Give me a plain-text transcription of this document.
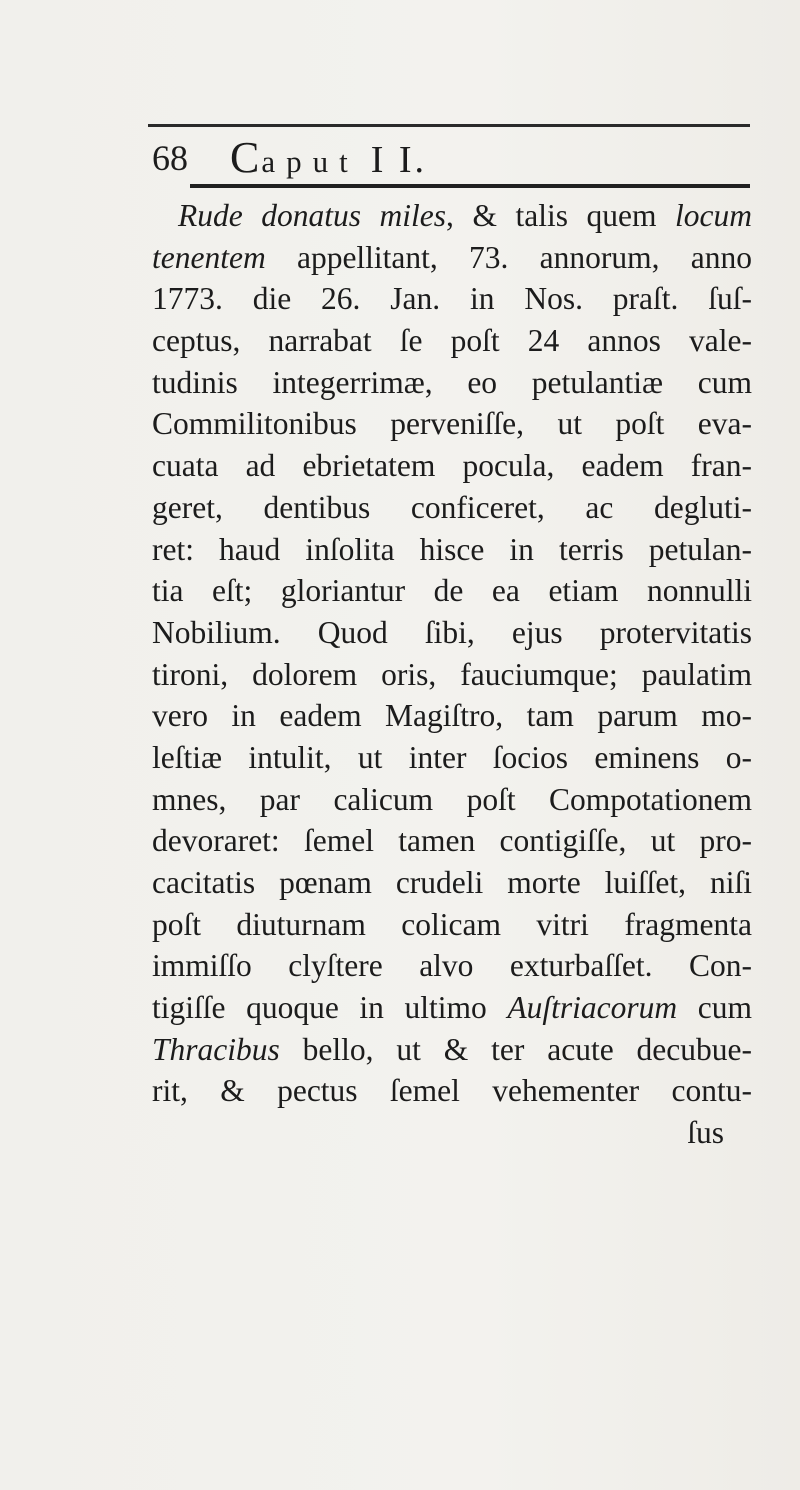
68 Caput I I.
Rude donatus miles, & talis quem locum
tenentem appellitant, 73. annorum, anno
1773. die 26. Jan. in Nos. praſt. ſuſ-
ceptus, narrabat ſe poſt 24 annos vale-
tudinis integerrimæ, eo petulantiæ cum
Commilitonibus perveniſſe, ut poſt eva-
cuata ad ebrietatem pocula, eadem fran-
geret, dentibus conficeret, ac degluti-
ret: haud inſolita hisce in terris petulan-
tia eſt; gloriantur de ea etiam nonnulli
Nobilium. Quod ſibi, ejus protervitatis
tironi, dolorem oris, fauciumque; paulatim
vero in eadem Magiſtro, tam parum mo-
leſtiæ intulit, ut inter ſocios eminens o-
mnes, par calicum poſt Compotationem
devoraret: ſemel tamen contigiſſe, ut pro-
cacitatis pœnam crudeli morte luiſſet, niſi
poſt diuturnam colicam vitri fragmenta
immiſſo clyſtere alvo exturbaſſet. Con-
tigiſſe quoque in ultimo Auſtriacorum cum
Thracibus bello, ut & ter acute decubue-
rit, & pectus ſemel vehementer contu-
ſus
